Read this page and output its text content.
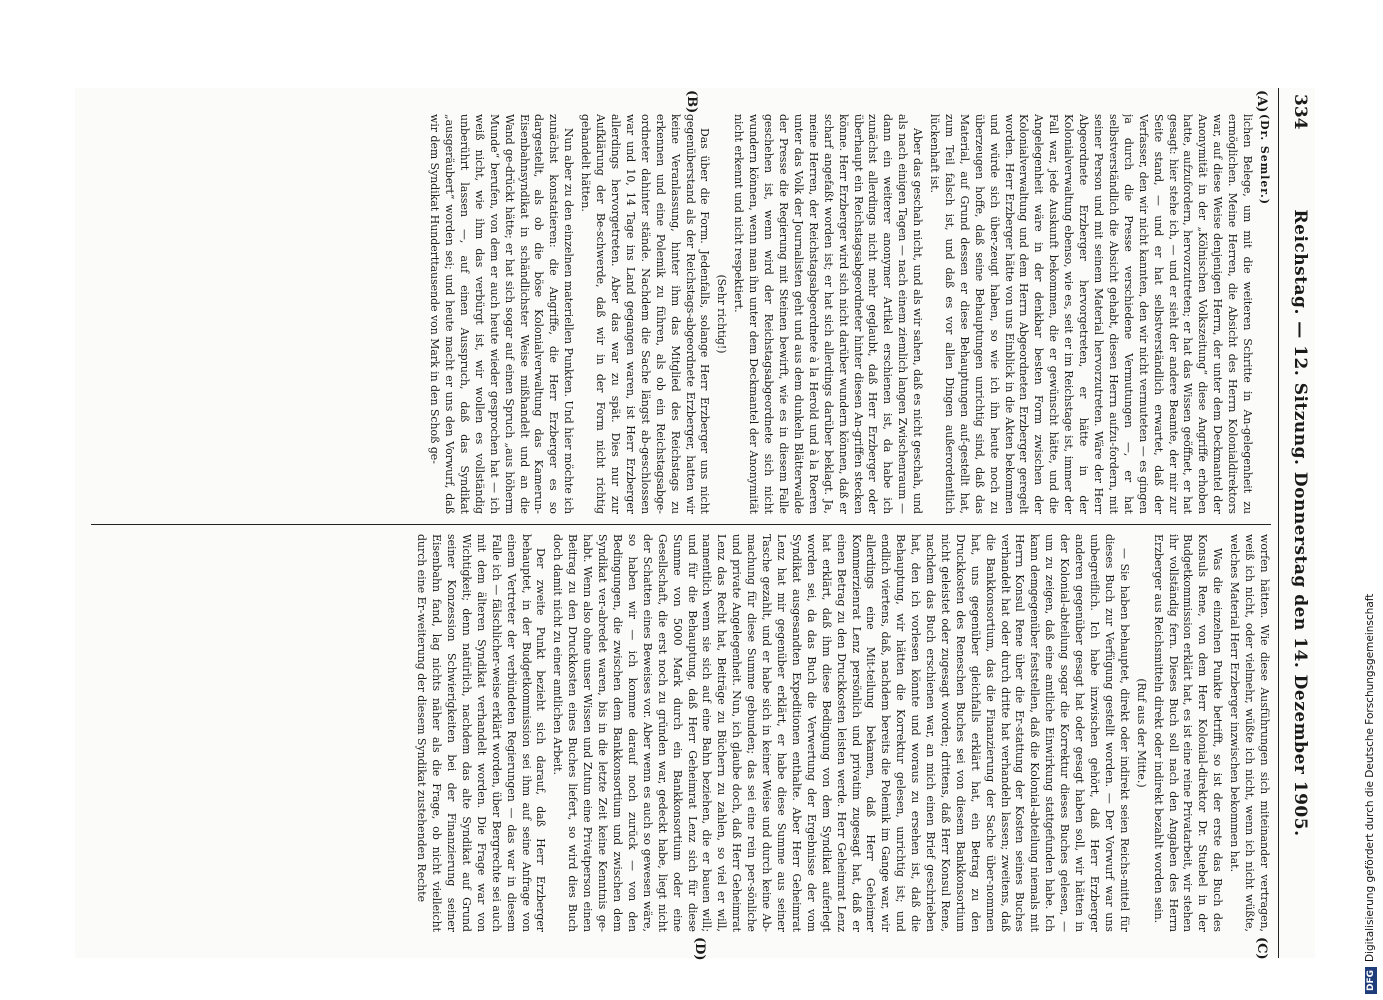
334
Reichstag. — 12. Sitzung. Donnerstag den 14. Dezember 1905.
(A)
(B)
(C)
(D)

(Dr. Semler.)

lichen Belege, um mit die weiteren Schritte in An-gelegenheit zu ermöglichen. Meine Herren, die Absicht des Herrn Kolonialdirektors war, auf diese Weise denjenigen Herrn, der unter dem Deckmantel der Anonymität in der „Kölnischen Volkszeitung“ diese Angriffe erhoben hatte, aufzufordern, hervorzutreten; er hat das Wissen geöffnet, er hat gesagt: hier stehe ich, — und er sieht der andere Beamte, der mir zur Seite stand, — und er hat selbstverständlich erwartet, daß der Verfasser, den wir nicht kannten, den wir nicht vermuteten — es gingen ja durch die Presse verschiedene Vermutungen —, er hat selbstverständlich die Absicht gehabt, diesen Herrn aufzu-fordern, mit seiner Person und mit seinem Material hervorzutreten. Wäre der Herr Abgeordnete Erzberger hervorgetreten, er hätte in der Kolonialverwaltung ebenso, wie es, seit er im Reichstage ist, immer der Fall war, jede Auskunft bekommen, die er gewünscht hätte, und die Angelegenheit wäre in der denkbar besten Form zwischen der Kolonialverwaltung und dem Herrn Abgeordneten Erzberger geregelt worden. Herr Erzberger hätte von uns Einblick in die Akten bekommen und würde sich über-zeugt haben, so wie ich ihn heute noch zu überzeugen hoffe, daß seine Behauptungen unrichtig sind, daß das Material, auf Grund dessen er diese Behauptungen auf-gestellt hat, zum Teil falsch ist, und daß es vor allen Dingen außerordentlich lückenhaft ist.

Aber das geschah nicht, und als wir sahen, daß es nicht geschah, und als nach einigen Tagen — nach einem ziemlich langen Zwischenraum — dann ein weiterer anonymer Artikel erschienen ist, da habe ich zunächst allerdings nicht mehr geglaubt, daß Herr Erzberger oder überhaupt ein Reichstagsabgeordneter hinter diesen An-griffen stecken könne. Herr Erzberger wird sich nicht darüber wundern können, daß er scharf angefaßt worden ist; er hat sich allerdings darüber beklagt. Ja, meine Herren, der Reichstagsabgeordnete à la Herold und à la Roeren unter das Volk der Journalisten geht und aus dem dunkeln Blätterwalde der Presse die Regierung mit Steinen bewirft, wie es in diesem Falle geschehen ist, wenn wird der Reichstagsabgeordnete sich nicht wundern können, wenn man ihn unter dem Deckmantel der Anonymität nicht erkennt und nicht respektiert.

(Sehr richtig!)

Das über die Form. Jedenfalls, solange Herr Erzberger uns nicht gegenüberstand als der Reichstags-abgeordnete Erzberger, hatten wir keine Veranlassung, hinter ihm das Mitglied des Reichstags zu erkennen und eine Polemik zu führen, als ob ein Reichstagsabge-ordneter dahinter stände. Nachdem die Sache längst ab-geschlossen war und 10, 14 Tage ins Land gegangen waren, ist Herr Erzberger allerdings hervorgetreten. Aber das war zu spät. Dies nur zur Aufklärung der Be-schwerde, daß wir in der Form nicht richtig gehandelt hätten.

Nun aber zu den einzelnen materiellen Punkten. Und hier möchte ich zunächst konstatieren: die Angriffe, die Herr Erzberger es so dargestellt, als ob die böse Kolonialverwaltung das Kamerun-Eisenbahnsyndikat in schändlichster Weise mißhandelt und an die Wand ge-drückt hätte; er hat sich sogar auf einen Spruch „aus höherm Munde“ berufen, von dem er auch heute wieder gesprochen hat — ich weiß nicht, wie ihm das verbürgt ist, wir wollen es vollständig unberührt lassen —, auf einen Ausspruch, daß das Syndikat „ausgeräubert“ worden sei; und heute macht er uns den Vorwurf, daß wir dem Syndikat Hunderttausende von Mark in den Schoß ge-

worfen hätten. Wie diese Ausführungen sich miteinander vertragen, weiß ich nicht, oder vielmehr, wüßte ich nicht, wenn ich nicht wüßte, welches Material Herr Erzberger inzwischen bekommen hat.

Was die einzelnen Punkte betrifft, so ist der erste das Buch des Konsuls Rene, von dem Herr Kolonial-direktor Dr. Stuebel in der Budgetkommission erklärt hat, es ist eine reine Privatarbeit, wir stehen ihr vollständig fern. Dieses Buch soll nach den Angaben des Herrn Erzberger aus Reichsmitteln direkt oder indirekt bezahlt worden sein.

(Ruf aus der Mitte.)

— Sie haben behauptet, direkt oder indirekt seien Reichs-mittel für dieses Buch zur Verfügung gestellt worden. — Der Vorwurf war uns unbegreiflich. Ich habe inzwischen gehört, daß Herr Erzberger anderen gegenüber gesagt hat oder gesagt haben soll, wir hätten in der Kolonial-abteilung sogar die Korrektur dieses Buches gelesen, — um zu zeigen, daß eine amtliche Einwirkung stattgefunden habe. Ich kann demgegenüber feststellen, daß die Kolonial-abteilung niemals mit Herrn Konsul Rene über die Er-stattung der Kosten seines Buches verhandelt hat oder durch dritte hat verhandeln lassen; zweitens, daß die Bankkonsortium, das die Finanzierung der Sache über-nommen hat, uns gegenüber gleichfalls erklärt hat, ein Betrag zu den Druckkosten des Reneschen Buches sei von diesem Bankkonsortium nicht geleistet oder zugesagt worden; drittens, daß Herr Konsul Rene, nachdem das Buch erschienen war, an mich einen Brief geschrieben hat, den ich vorlesen könnte und woraus zu ersehen ist, daß die Behauptung, wir hätten die Korrektur gelesen, unrichtig ist; und endlich viertens, daß, nachdem bereits die Polemik im Gange war, wir allerdings eine Mit-teilung bekamen, daß Herr Geheimer Kommerzienrat Lenz persönlich und privatim zugesagt hat, daß er einen Betrag zu den Druckkosten leisten werde. Herr Geheimrat Lenz hat erklärt, daß ihm diese Bedingung von dem Syndikat auferlegt worden sei, da das Buch die Verwertung der Ergebnisse der vom Syndikat ausgesandten Expeditionen enthalte. Aber Herr Geheimrat Lenz hat mir gegenüber erklärt, er habe diese Summe aus seiner Tasche gezahlt, und er habe sich in keiner Weise und durch keine Ab-machung für diese Summe gebunden; das sei eine rein per-sönliche und private Angelegenheit. Nun, ich glaube doch, daß Herr Geheimrat Lenz das Recht hat, Beiträge zu Büchern zu zahlen, so viel er will, namentlich wenn sie sich auf eine Bahn beziehen, die er bauen will; und für die Behauptung, daß Herr Geheimrat Lenz sich für diese Summe von 5000 Mark durch ein Bankkonsortium oder eine Gesellschaft, die erst noch zu gründen war, gedeckt habe, liegt nicht der Schatten eines Beweises vor. Aber wenn es auch so gewesen wäre, so haben wir — ich komme darauf noch zurück — von den Bedingungen, die zwischen dem Bankkonsortium und zwischen dem Syndikat ver-abredet waren, bis in die letzte Zeit keine Kenntnis ge-habt. Wenn also ohne unser Wissen und Zutun eine Privatperson einen Beitrag zu den Druckkosten eines Buches liefert, so wird dies Buch doch damit nicht zu einer amtlichen Arbeit.

Der zweite Punkt bezieht sich darauf, daß Herr Erzberger behauptet, in der Budgetkommission sei ihm auf seine Anfrage von einem Vertreter der verbündeten Regierungen — das war in diesem Falle ich — fälschlicher-weise erklärt worden, über Bergrechte sei auch mit dem älteren Syndikat verhandelt worden. Die Frage war von Wichtigkeit; denn natürlich, nachdem das alte Syndikat auf Grund seiner Konzession Schwierigkeiten bei der Finanzierung seiner Eisenbahn fand, lag nichts näher als die Frage, ob nicht vielleicht durch eine Er-weiterung der diesem Syndikat zustehenden Rechte

DFGDigitalisierung gefördert durch die Deutsche Forschungsgemeinschaft
